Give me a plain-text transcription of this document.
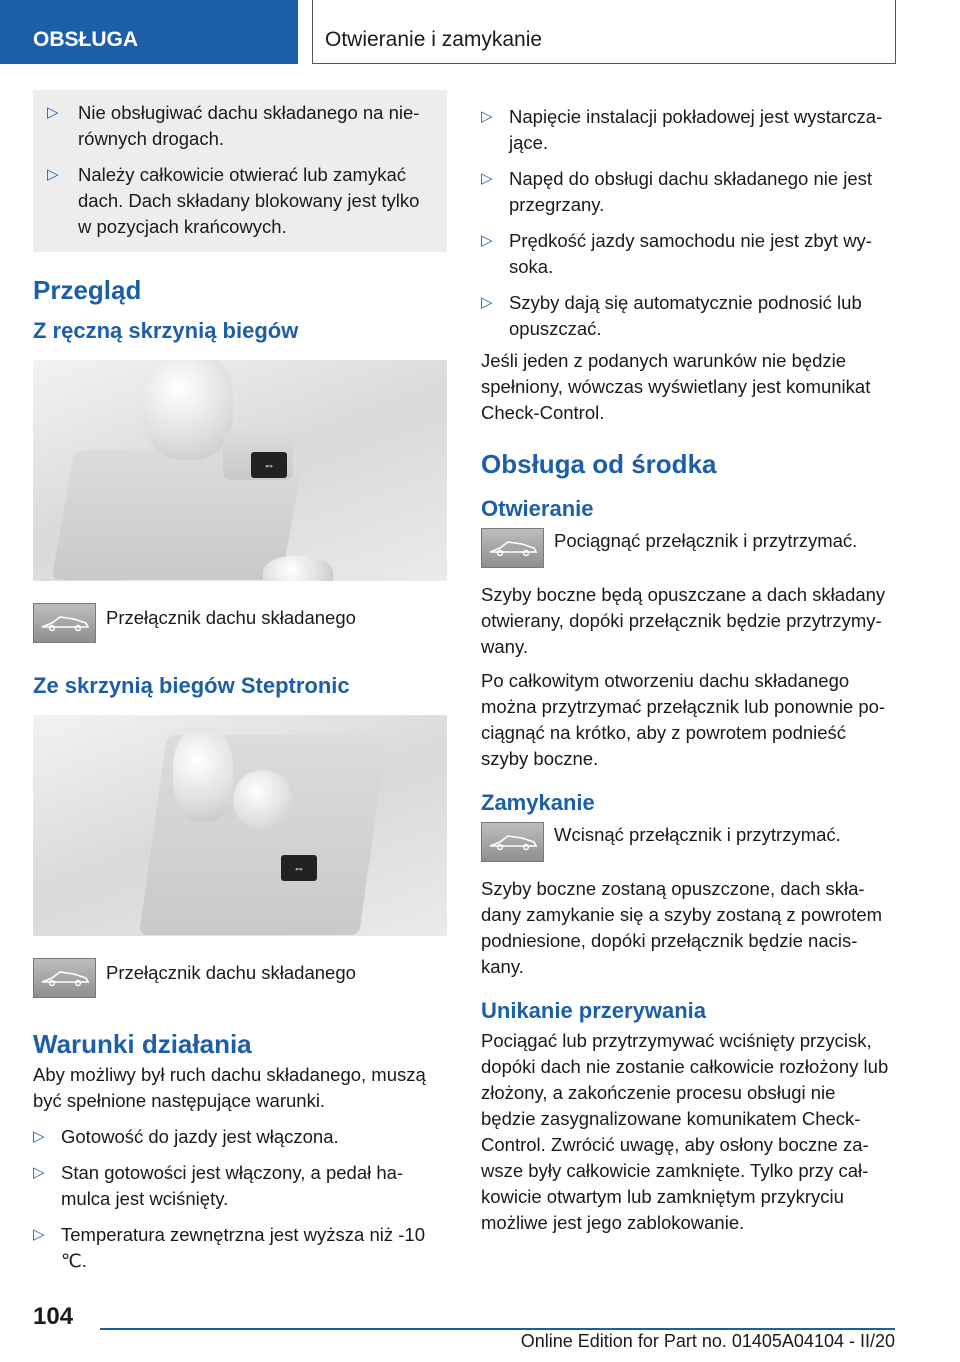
OBSŁUGA	Otwieranie i zamykanie
▷ Nie obsługiwać dachu składanego na nie-równych drogach.
▷ Należy całkowicie otwierać lub zamykać dach. Dach składany blokowany jest tylko w pozycjach krańcowych.
Przegląd
Z ręczną skrzynią biegów
⇔
Przełącznik dachu składanego
Ze skrzynią biegów Steptronic
⇔
Przełącznik dachu składanego
Warunki działania

Aby możliwy był ruch dachu składanego, muszą być spełnione następujące warunki.

▷ Gotowość do jazdy jest włączona.
▷ Stan gotowości jest włączony, a pedał ha-mulca jest wciśnięty.
▷ Temperatura zewnętrzna jest wyższa niż -10 ℃.
▷ Napięcie instalacji pokładowej jest wystarcza-jące.
▷ Napęd do obsługi dachu składanego nie jest przegrzany.
▷ Prędkość jazdy samochodu nie jest zbyt wy-soka.
▷ Szyby dają się automatycznie podnosić lub opuszczać.

Jeśli jeden z podanych warunków nie będzie spełniony, wówczas wyświetlany jest komunikat Check-Control.

Obsługa od środka
Otwieranie
Pociągnąć przełącznik i przytrzymać.

Szyby boczne będą opuszczane a dach składany otwierany, dopóki przełącznik będzie przytrzymy-wany.

Po całkowitym otworzeniu dachu składanego można przytrzymać przełącznik lub ponownie po-ciągnąć na krótko, aby z powrotem podnieść szyby boczne.

Zamykanie
Wcisnąć przełącznik i przytrzymać.

Szyby boczne zostaną opuszczone, dach skła-dany zamykanie się a szyby zostaną z powrotem podniesione, dopóki przełącznik będzie nacis-kany.

Unikanie przerywania

Pociągać lub przytrzymywać wciśnięty przycisk, dopóki dach nie zostanie całkowicie rozłożony lub złożony, a zakończenie procesu obsługi nie będzie zasygnalizowane komunikatem Check-Control. Zwrócić uwagę, aby osłony boczne za-wsze były całkowicie zamknięte. Tylko przy cał-kowicie otwartym lub zamkniętym przykryciu możliwe jest jego zablokowanie.

104
Online Edition for Part no. 01405A04104 - II/20
